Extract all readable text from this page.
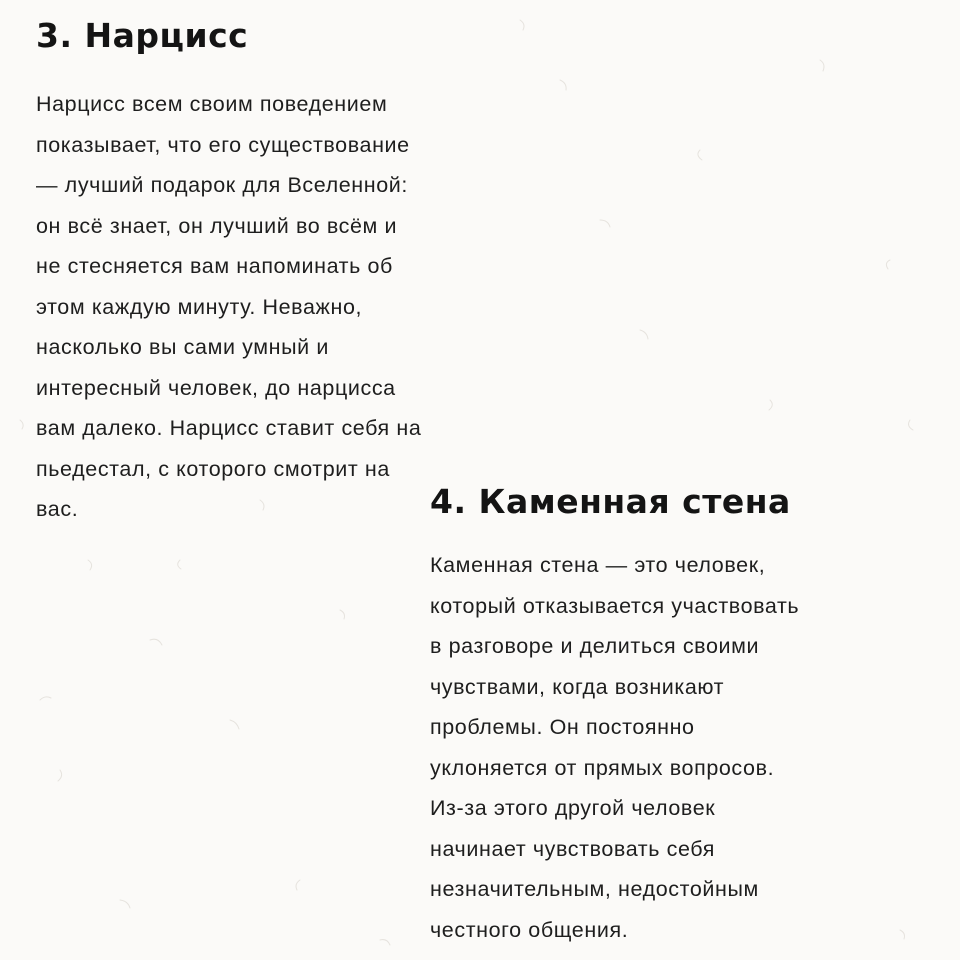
3. Нарцисс

Нарцисс всем своим поведением
показывает, что его существование
— лучший подарок для Вселенной:
он всё знает, он лучший во всём и
не стесняется вам напоминать об
этом каждую минуту. Неважно,
насколько вы сами умный и
интересный человек, до нарцисса
вам далеко. Нарцисс ставит себя на
пьедестал, с которого смотрит на
вас.	4. Каменная стена

Каменная стена — это человек,
который отказывается участвовать
в разговоре и делиться своими
чувствами, когда возникают
проблемы. Он постоянно
уклоняется от прямых вопросов.
Из-за этого другой человек
начинает чувствовать себя
незначительным, недостойным
честного общения.
